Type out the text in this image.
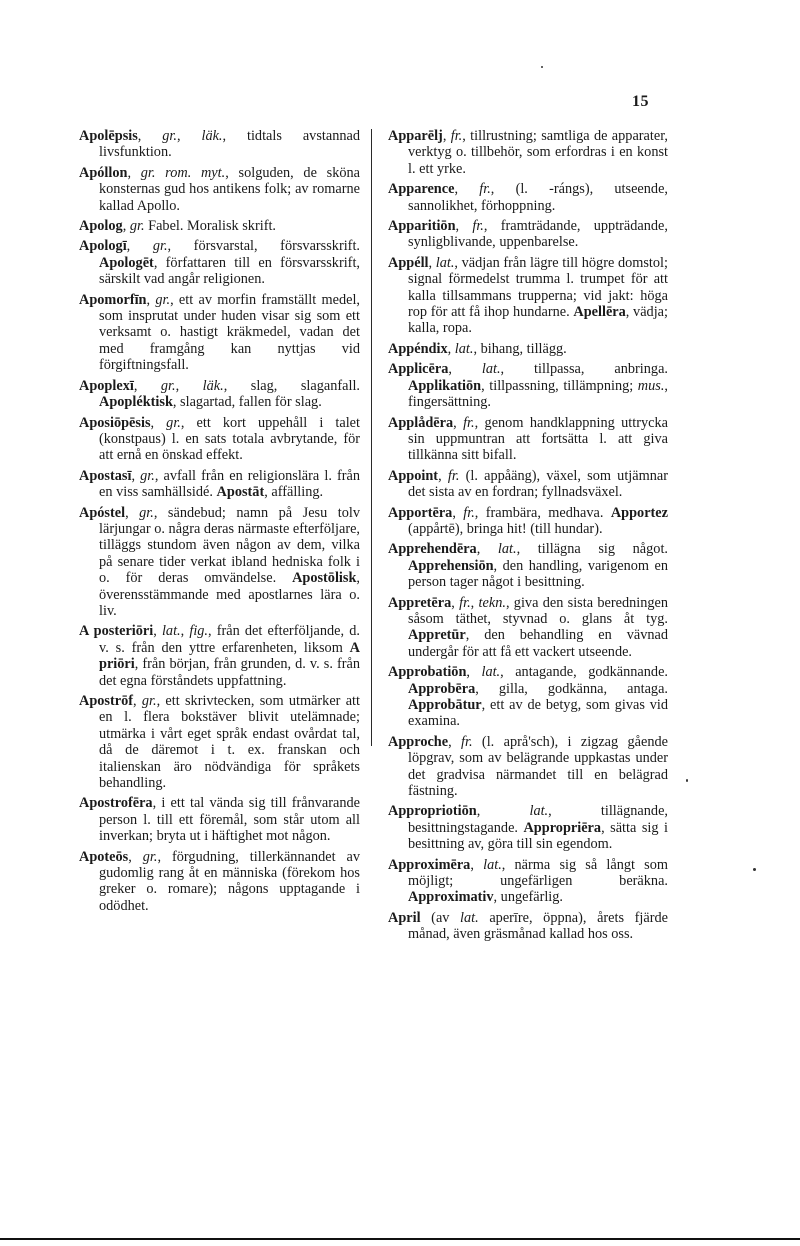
15

Apolēpsis, gr., läk., tidtals avstannad livsfunktion.

Apóllon, gr. rom. myt., solguden, de sköna konsternas gud hos antikens folk; av romarne kallad Apollo.

Apolog, gr. Fabel. Moralisk skrift.

Apologī, gr., försvarstal, försvarsskrift. Apologēt, författaren till en försvarsskrift, särskilt vad angår religionen.

Apomorfīn, gr., ett av morfin framställt medel, som insprutat under huden visar sig som ett verksamt o. hastigt kräkmedel, vadan det med framgång kan nyttjas vid förgiftningsfall.

Apoplexī, gr., läk., slag, slaganfall. Apopléktisk, slagartad, fallen för slag.

Aposiōpēsis, gr., ett kort uppehåll i talet (konstpaus) l. en sats totala avbrytande, för att ernå en önskad effekt.

Apostasī, gr., avfall från en religionslära l. från en viss samhällsidé. Apostāt, affälling.

Apóstel, gr., sändebud; namn på Jesu tolv lärjungar o. några deras närmaste efterföljare, tilläggs stundom även någon av dem, vilka på senare tider verkat ibland hedniska folk i o. för deras omvändelse. Apostōlisk, överensstämmande med apostlarnes lära o. liv.

A posteriōri, lat., fig., från det efterföljande, d. v. s. från den yttre erfarenheten, liksom A priōri, från början, från grunden, d. v. s. från det egna förståndets uppfattning.

Apostrōf, gr., ett skrivtecken, som utmärker att en l. flera bokstäver blivit utelämnade; utmärka i vårt eget språk endast ovårdat tal, då de däremot i t. ex. franskan och italienskan äro nödvändiga för språkets behandling.

Apostrofēra, i ett tal vända sig till frånvarande person l. till ett föremål, som står utom all inverkan; bryta ut i häftighet mot någon.

Apoteōs, gr., förgudning, tillerkännandet av gudomlig rang åt en människa (förekom hos greker o. romare); någons upptagande i odödhet.

Apparēlj, fr., tillrustning; samtliga de apparater, verktyg o. tillbehör, som erfordras i en konst l. ett yrke.

Apparence, fr., (l. -rángs), utseende, sannolikhet, förhoppning.

Apparitiōn, fr., framträdande, uppträdande, synligblivande, uppenbarelse.

Appéll, lat., vädjan från lägre till högre domstol; signal förmedelst trumma l. trumpet för att kalla tillsammans trupperna; vid jakt: höga rop för att få ihop hundarne. Apellēra, vädja; kalla, ropa.

Appéndix, lat., bihang, tillägg.

Applicēra, lat., tillpassa, anbringa. Applikatiōn, tillpassning, tillämpning; mus., fingersättning.

Applådēra, fr., genom handklappning uttrycka sin uppmuntran att fortsätta l. att giva tillkänna sitt bifall.

Appoint, fr. (l. appåäng), växel, som utjämnar det sista av en fordran; fyllnadsväxel.

Apportēra, fr., frambära, medhava. Apportez (appårtē), bringa hit! (till hundar).

Apprehendēra, lat., tillägna sig något. Apprehensiōn, den handling, varigenom en person tager något i besittning.

Appretēra, fr., tekn., giva den sista beredningen såsom täthet, styvnad o. glans åt tyg. Appretūr, den behandling en vävnad undergår för att få ett vackert utseende.

Approbatiōn, lat., antagande, godkännande. Approbēra, gilla, godkänna, antaga. Approbātur, ett av de betyg, som givas vid examina.

Approche, fr. (l. aprå'sch), i zigzag gående löpgrav, som av belägrande uppkastas under det gradvisa närmandet till en belägrad fästning.

Appropriotiōn, lat., tillägnande, besittningstagande. Appropriēra, sätta sig i besittning av, göra till sin egendom.

Approximēra, lat., närma sig så långt som möjligt; ungefärligen beräkna. Approximativ, ungefärlig.

April (av lat. aperīre, öppna), årets fjärde månad, även gräsmånad kallad hos oss.
